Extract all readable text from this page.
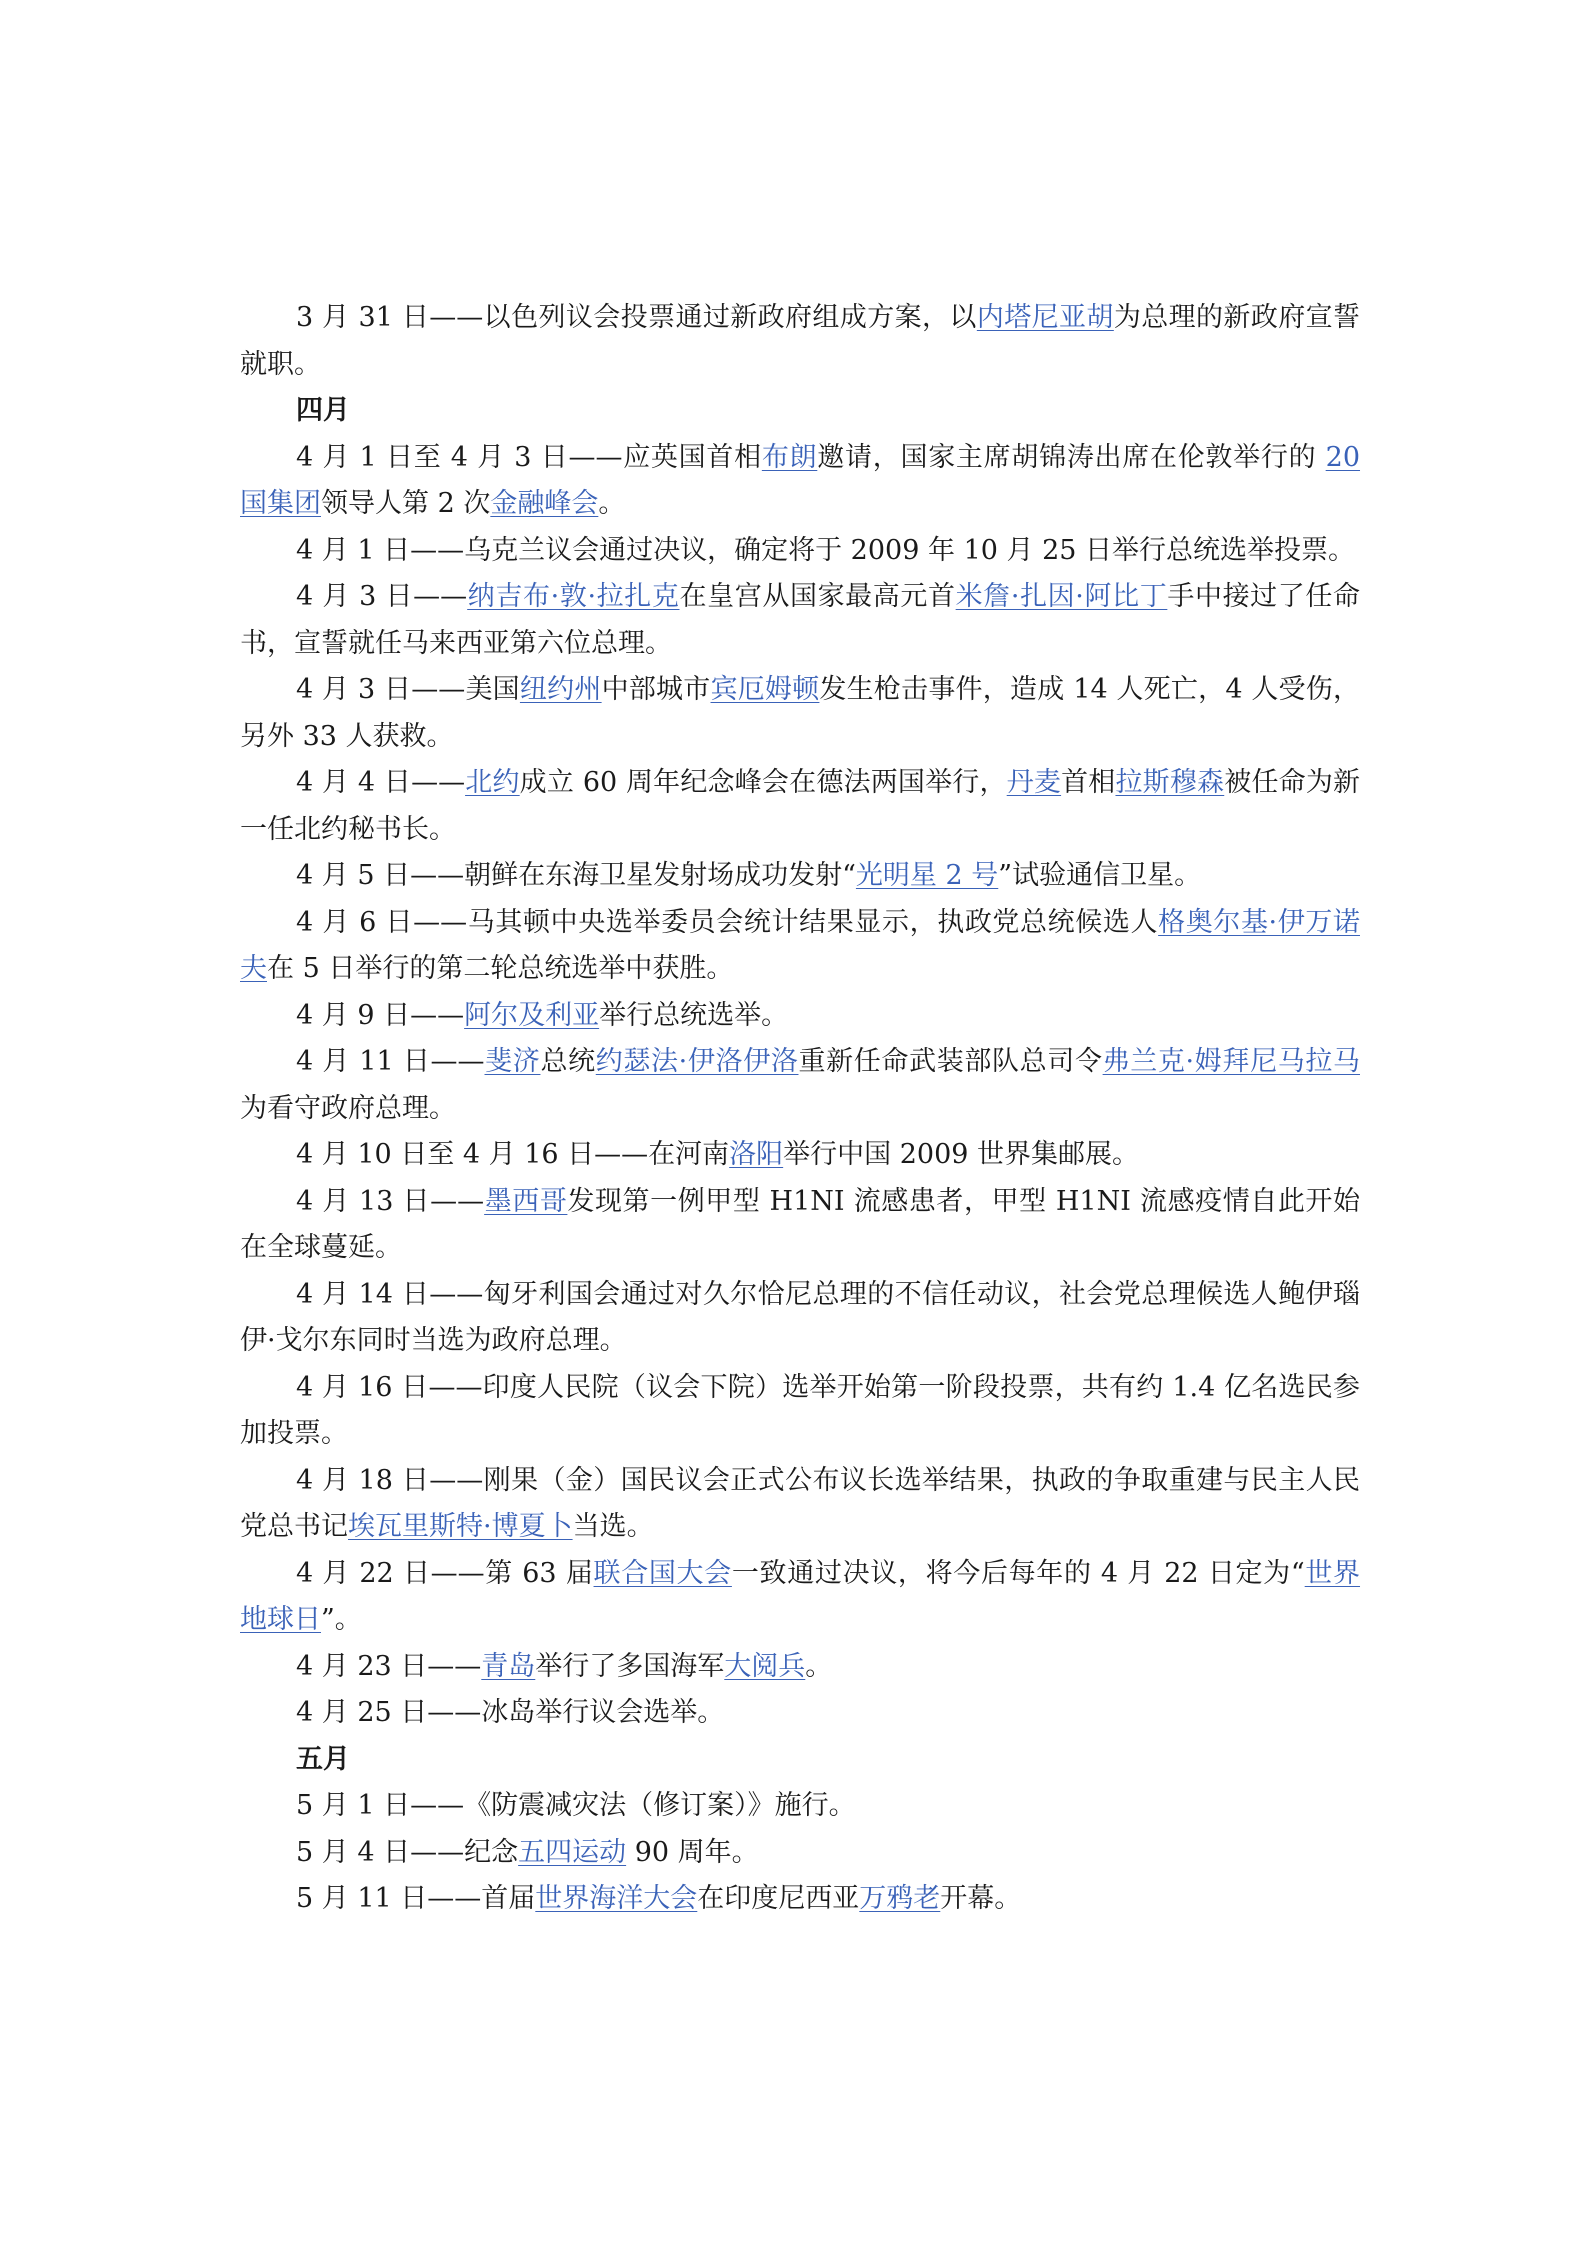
3 月 31 日——以色列议会投票通过新政府组成方案，以内塔尼亚胡为总理的新政府宣誓就职。

四月

4 月 1 日至 4 月 3 日——应英国首相布朗邀请，国家主席胡锦涛出席在伦敦举行的 20 国集团领导人第 2 次金融峰会。

4 月 1 日——乌克兰议会通过决议，确定将于 2009 年 10 月 25 日举行总统选举投票。

4 月 3 日——纳吉布·敦·拉扎克在皇宫从国家最高元首米詹·扎因·阿比丁手中接过了任命书，宣誓就任马来西亚第六位总理。

4 月 3 日——美国纽约州中部城市宾厄姆顿发生枪击事件，造成 14 人死亡，4 人受伤，另外 33 人获救。

4 月 4 日——北约成立 60 周年纪念峰会在德法两国举行，丹麦首相拉斯穆森被任命为新一任北约秘书长。

4 月 5 日——朝鲜在东海卫星发射场成功发射“光明星 2 号”试验通信卫星。

4 月 6 日——马其顿中央选举委员会统计结果显示，执政党总统候选人格奥尔基·伊万诺夫在 5 日举行的第二轮总统选举中获胜。

4 月 9 日——阿尔及利亚举行总统选举。

4 月 11 日——斐济总统约瑟法·伊洛伊洛重新任命武装部队总司令弗兰克·姆拜尼马拉马为看守政府总理。

4 月 10 日至 4 月 16 日——在河南洛阳举行中国 2009 世界集邮展。

4 月 13 日——墨西哥发现第一例甲型 H1NI 流感患者，甲型 H1NI 流感疫情自此开始在全球蔓延。

4 月 14 日——匈牙利国会通过对久尔恰尼总理的不信任动议，社会党总理候选人鲍伊瑙伊·戈尔东同时当选为政府总理。

4 月 16 日——印度人民院（议会下院）选举开始第一阶段投票，共有约 1.4 亿名选民参加投票。

4 月 18 日——刚果（金）国民议会正式公布议长选举结果，执政的争取重建与民主人民党总书记埃瓦里斯特·博夏卜当选。

4 月 22 日——第 63 届联合国大会一致通过决议，将今后每年的 4 月 22 日定为“世界地球日”。

4 月 23 日——青岛举行了多国海军大阅兵。

4 月 25 日——冰岛举行议会选举。

五月

5 月 1 日——《防震减灾法（修订案）》施行。

5 月 4 日——纪念五四运动 90 周年。

5 月 11 日——首届世界海洋大会在印度尼西亚万鸦老开幕。
